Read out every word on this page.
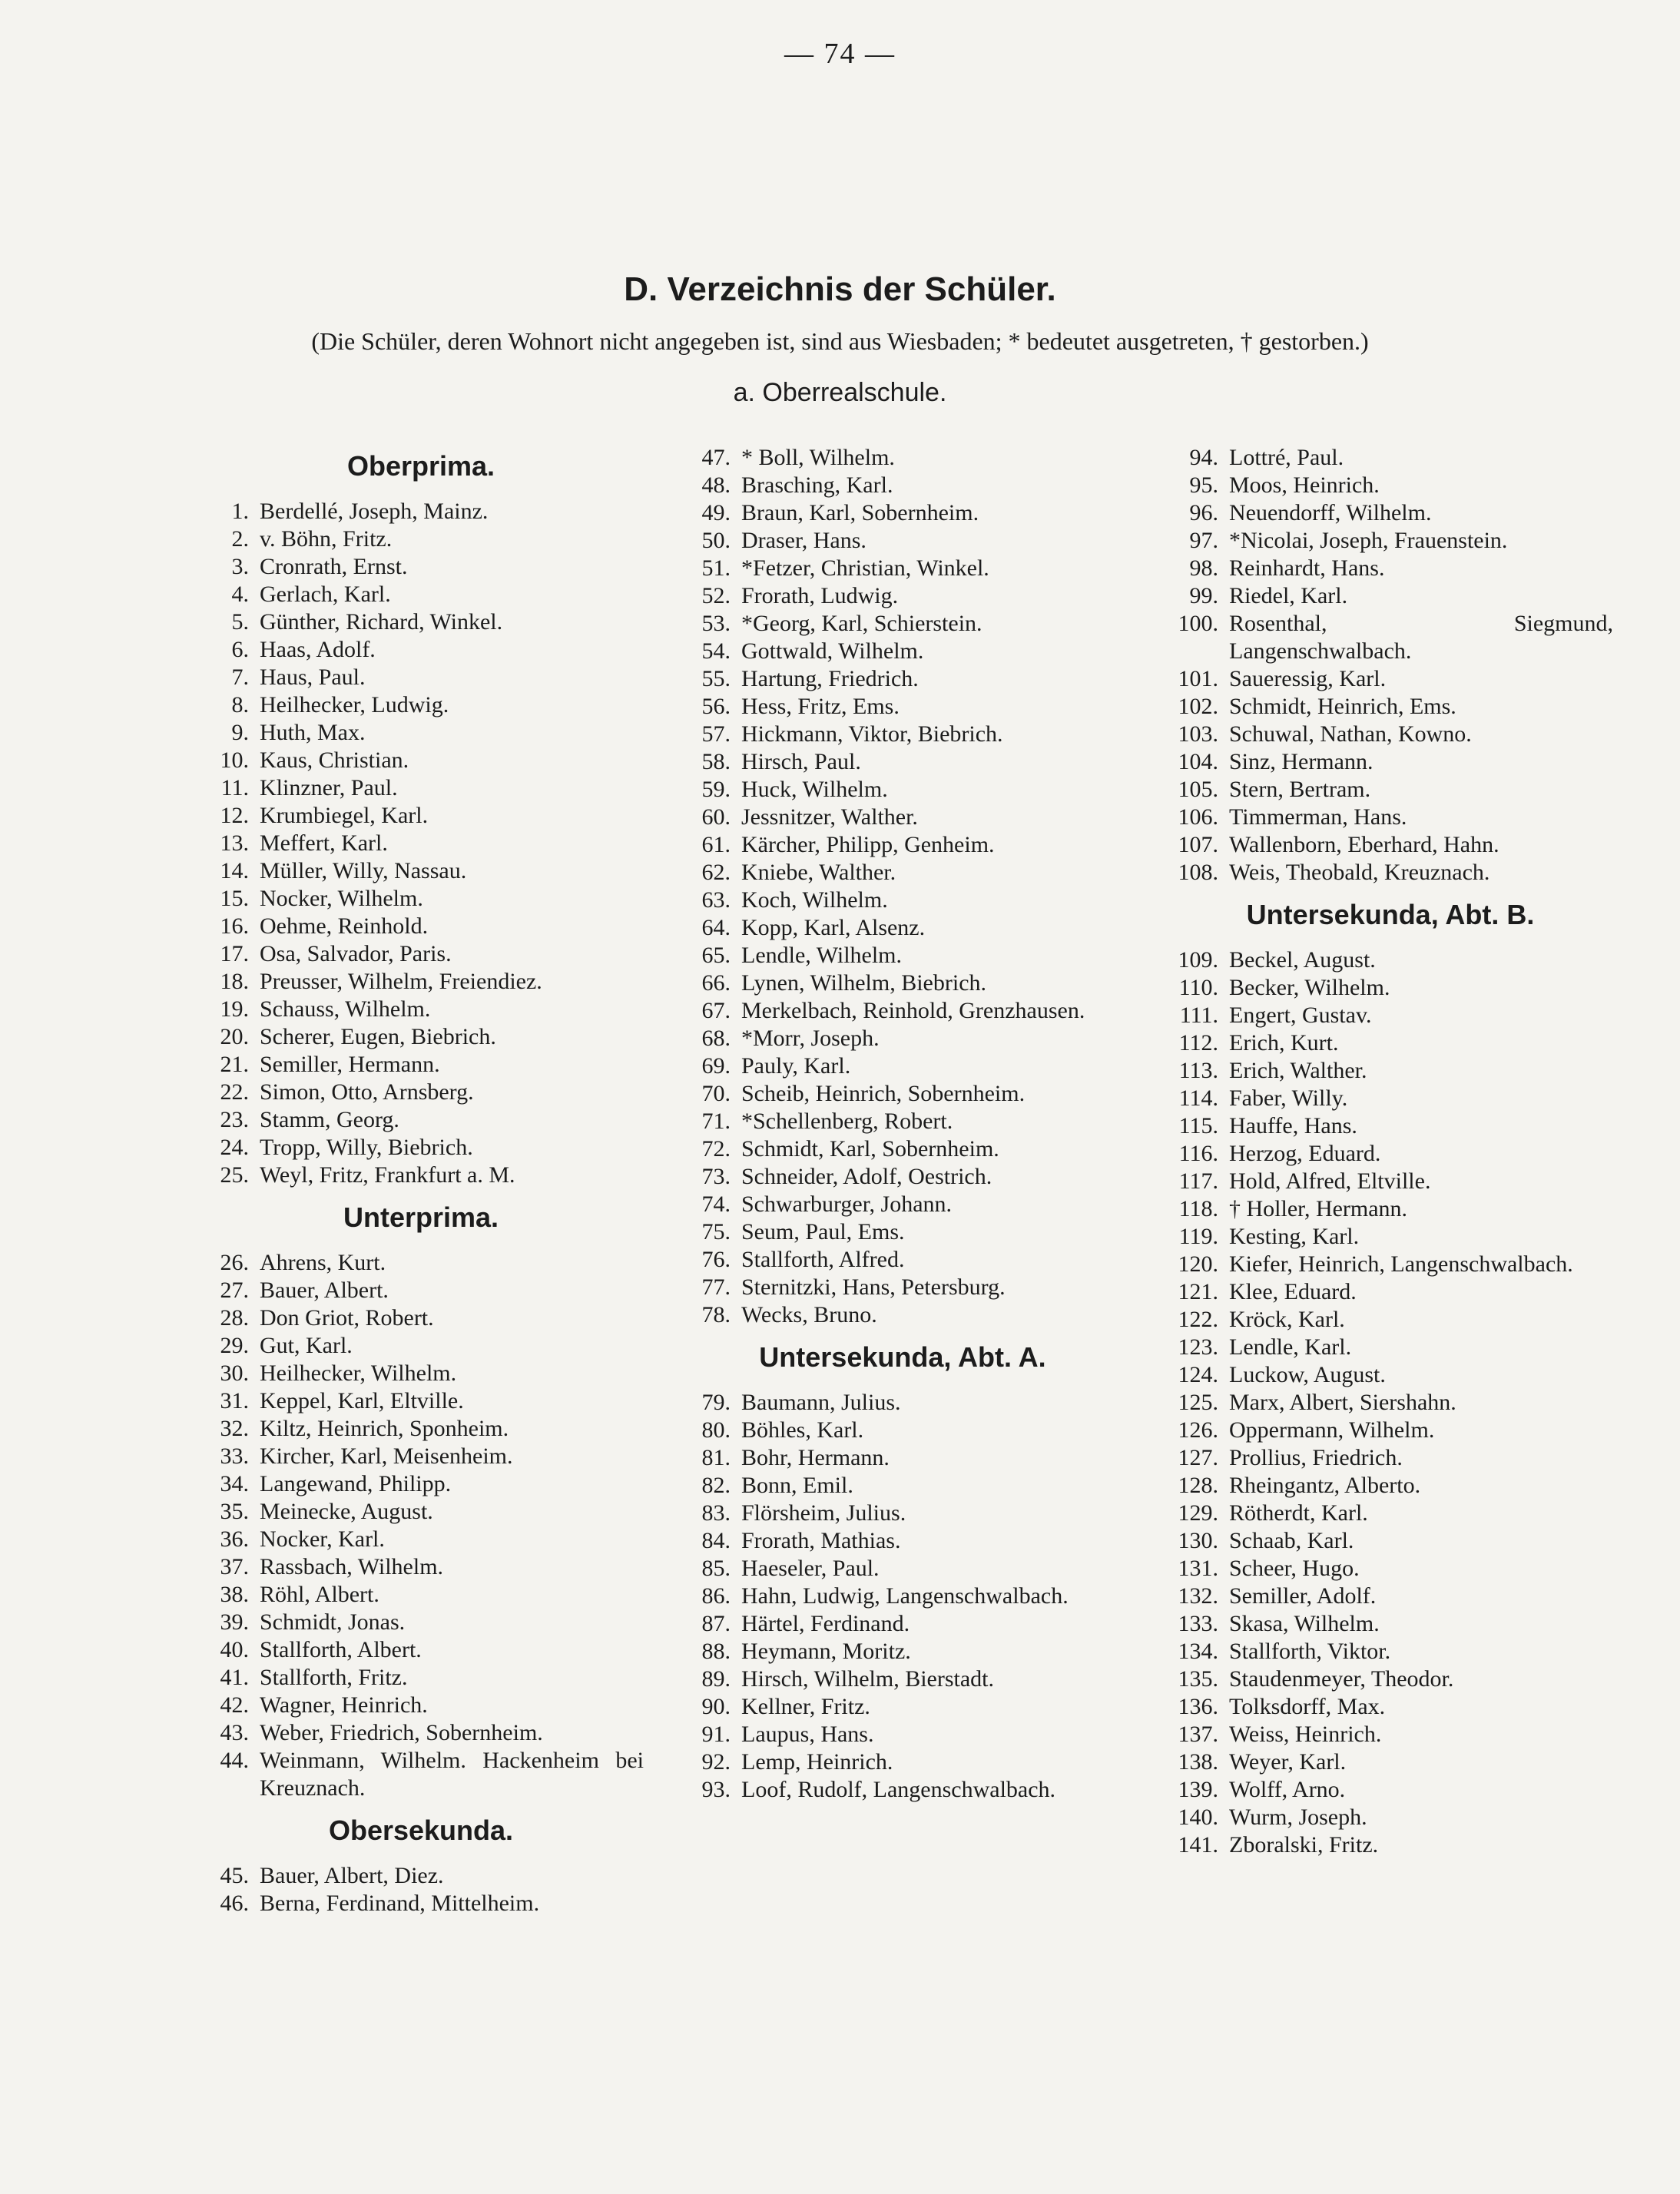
— 74 —
D. Verzeichnis der Schüler.
(Die Schüler, deren Wohnort nicht angegeben ist, sind aus Wiesbaden; * bedeutet ausgetreten, † gestorben.)
a. Oberrealschule.
Oberprima.
1. Berdellé, Joseph, Mainz.
2. v. Böhn, Fritz.
3. Cronrath, Ernst.
4. Gerlach, Karl.
5. Günther, Richard, Winkel.
6. Haas, Adolf.
7. Haus, Paul.
8. Heilhecker, Ludwig.
9. Huth, Max.
10. Kaus, Christian.
11. Klinzner, Paul.
12. Krumbiegel, Karl.
13. Meffert, Karl.
14. Müller, Willy, Nassau.
15. Nocker, Wilhelm.
16. Oehme, Reinhold.
17. Osa, Salvador, Paris.
18. Preusser, Wilhelm, Freiendiez.
19. Schauss, Wilhelm.
20. Scherer, Eugen, Biebrich.
21. Semiller, Hermann.
22. Simon, Otto, Arnsberg.
23. Stamm, Georg.
24. Tropp, Willy, Biebrich.
25. Weyl, Fritz, Frankfurt a. M.
Unterprima.
26. Ahrens, Kurt.
27. Bauer, Albert.
28. Don Griot, Robert.
29. Gut, Karl.
30. Heilhecker, Wilhelm.
31. Keppel, Karl, Eltville.
32. Kiltz, Heinrich, Sponheim.
33. Kircher, Karl, Meisenheim.
34. Langewand, Philipp.
35. Meinecke, August.
36. Nocker, Karl.
37. Rassbach, Wilhelm.
38. Röhl, Albert.
39. Schmidt, Jonas.
40. Stallforth, Albert.
41. Stallforth, Fritz.
42. Wagner, Heinrich.
43. Weber, Friedrich, Sobernheim.
44. Weinmann, Wilhelm. Hackenheim bei Kreuznach.
Obersekunda.
45. Bauer, Albert, Diez.
46. Berna, Ferdinand, Mittelheim.
47. * Boll, Wilhelm.
48. Brasching, Karl.
49. Braun, Karl, Sobernheim.
50. Draser, Hans.
51. *Fetzer, Christian, Winkel.
52. Frorath, Ludwig.
53. *Georg, Karl, Schierstein.
54. Gottwald, Wilhelm.
55. Hartung, Friedrich.
56. Hess, Fritz, Ems.
57. Hickmann, Viktor, Biebrich.
58. Hirsch, Paul.
59. Huck, Wilhelm.
60. Jessnitzer, Walther.
61. Kärcher, Philipp, Genheim.
62. Kniebe, Walther.
63. Koch, Wilhelm.
64. Kopp, Karl, Alsenz.
65. Lendle, Wilhelm.
66. Lynen, Wilhelm, Biebrich.
67. Merkelbach, Reinhold, Grenzhausen.
68. *Morr, Joseph.
69. Pauly, Karl.
70. Scheib, Heinrich, Sobernheim.
71. *Schellenberg, Robert.
72. Schmidt, Karl, Sobernheim.
73. Schneider, Adolf, Oestrich.
74. Schwarburger, Johann.
75. Seum, Paul, Ems.
76. Stallforth, Alfred.
77. Sternitzki, Hans, Petersburg.
78. Wecks, Bruno.
Untersekunda, Abt. A.
79. Baumann, Julius.
80. Böhles, Karl.
81. Bohr, Hermann.
82. Bonn, Emil.
83. Flörsheim, Julius.
84. Frorath, Mathias.
85. Haeseler, Paul.
86. Hahn, Ludwig, Langenschwalbach.
87. Härtel, Ferdinand.
88. Heymann, Moritz.
89. Hirsch, Wilhelm, Bierstadt.
90. Kellner, Fritz.
91. Laupus, Hans.
92. Lemp, Heinrich.
93. Loof, Rudolf, Langenschwalbach.
94. Lottré, Paul.
95. Moos, Heinrich.
96. Neuendorff, Wilhelm.
97. *Nicolai, Joseph, Frauenstein.
98. Reinhardt, Hans.
99. Riedel, Karl.
100. Rosenthal, Siegmund, Langenschwalbach.
101. Saueressig, Karl.
102. Schmidt, Heinrich, Ems.
103. Schuwal, Nathan, Kowno.
104. Sinz, Hermann.
105. Stern, Bertram.
106. Timmerman, Hans.
107. Wallenborn, Eberhard, Hahn.
108. Weis, Theobald, Kreuznach.
Untersekunda, Abt. B.
109. Beckel, August.
110. Becker, Wilhelm.
111. Engert, Gustav.
112. Erich, Kurt.
113. Erich, Walther.
114. Faber, Willy.
115. Hauffe, Hans.
116. Herzog, Eduard.
117. Hold, Alfred, Eltville.
118. † Holler, Hermann.
119. Kesting, Karl.
120. Kiefer, Heinrich, Langenschwalbach.
121. Klee, Eduard.
122. Kröck, Karl.
123. Lendle, Karl.
124. Luckow, August.
125. Marx, Albert, Siershahn.
126. Oppermann, Wilhelm.
127. Prollius, Friedrich.
128. Rheingantz, Alberto.
129. Rötherdt, Karl.
130. Schaab, Karl.
131. Scheer, Hugo.
132. Semiller, Adolf.
133. Skasa, Wilhelm.
134. Stallforth, Viktor.
135. Staudenmeyer, Theodor.
136. Tolksdorff, Max.
137. Weiss, Heinrich.
138. Weyer, Karl.
139. Wolff, Arno.
140. Wurm, Joseph.
141. Zboralski, Fritz.
